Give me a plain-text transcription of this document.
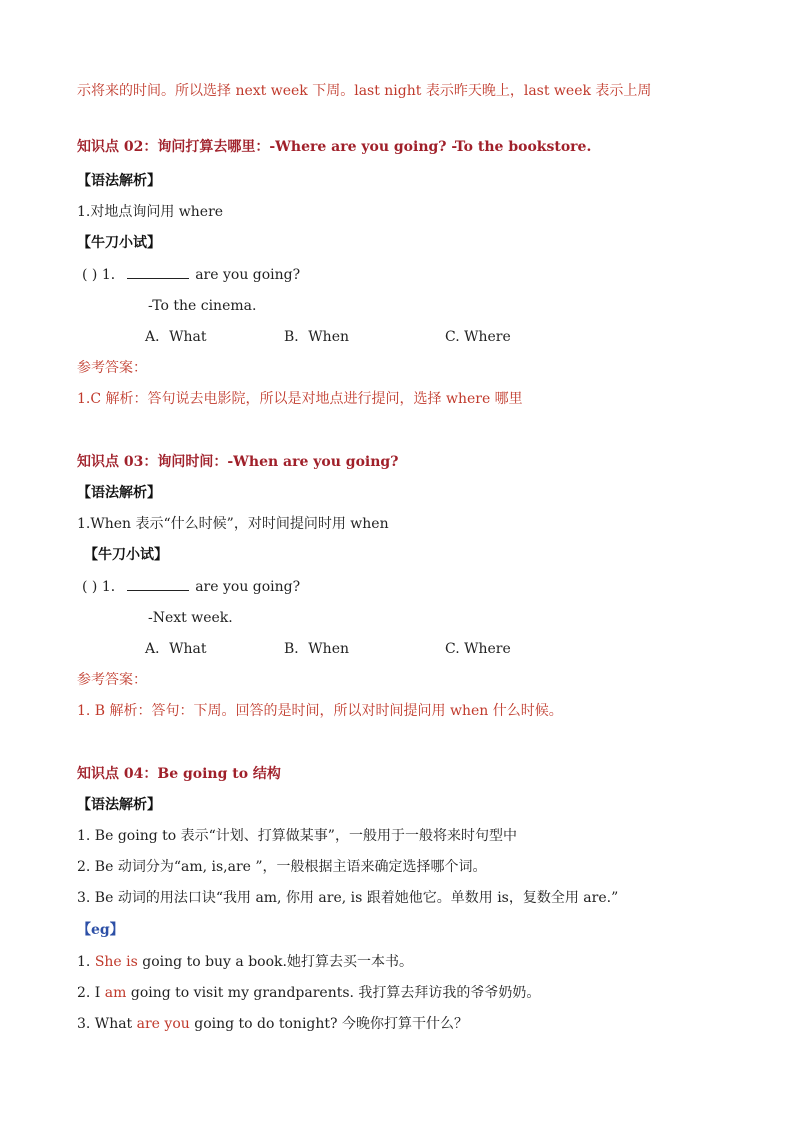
示将来的时间。所以选择 next week 下周。last night 表示昨天晚上，last week 表示上周
知识点 02：询问打算去哪里：-Where are you going? -To the bookstore.
【语法解析】
1.对地点询问用 where
【牛刀小试】
( ) 1．	are you going?
-To the cinema.
A．What	B．When	C. Where
参考答案：
1.C 解析：答句说去电影院，所以是对地点进行提问，选择 where 哪里
知识点 03：询问时间：-When are you going?
【语法解析】
1.When 表示“什么时候”，对时间提问时用 when
【牛刀小试】
( ) 1．	are you going?
-Next week.
A．What	B．When	C. Where
参考答案：
1. B 解析：答句：下周。回答的是时间，所以对时间提问用 when 什么时候。
知识点 04：Be going to 结构
【语法解析】
1. Be going to 表示“计划、打算做某事”，一般用于一般将来时句型中
2. Be 动词分为“am, is,are ”，一般根据主语来确定选择哪个词。
3. Be 动词的用法口诀“我用 am, 你用 are, is 跟着她他它。单数用 is，复数全用 are.”
【eg】
1. She is going to buy a book.她打算去买一本书。
2. I am going to visit my grandparents. 我打算去拜访我的爷爷奶奶。
3. What are you going to do tonight? 今晚你打算干什么？
